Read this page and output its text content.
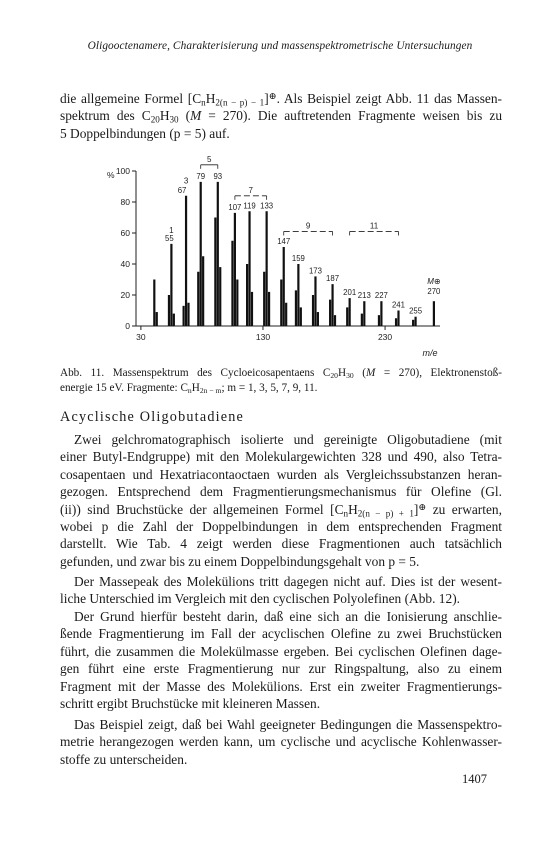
Oligooctenamere, Charakterisierung und massenspektrometrische Untersuchungen
die allgemeine Formel $[C_nH_{2(n - p) - 1}]^\oplus$. Als Beispiel zeigt Abb. 11 das Massen-
spektrum des $C_{20}H_{30}$ (M = 270). Die auftretenden Fragmente weisen bis zu
5 Doppelbindungen (p = 5) auf.
0
20
40
60
80
100
%
30	130	230
m/e
55
67
79 93
107 119 133
147
159
173
187
201 213 227
241
255
270
1
3
5
7
9	11
M⊕
Abb. 11. Massenspektrum des Cycloeicosapentaens $C_{20}H_{30}$ (M = 270), Elektronenstoß-
energie 15 eV. Fragmente: $C_nH_{2n - m}$; m = 1, 3, 5, 7, 9, 11.
Acyclische Oligobutadiene
Zwei gelchromatographisch isolierte und gereinigte Oligobutadiene (mit
einer Butyl-Endgruppe) mit den Molekulargewichten 328 und 490, also Tetra-
cosapentaen und Hexatriacontaoctaen wurden als Vergleichssubstanzen heran-
gezogen. Entsprechend dem Fragmentierungsmechanismus für Olefine (Gl.
(ii)) sind Bruchstücke der allgemeinen Formel $[C_nH_{2(n - p) + 1}]^\oplus$ zu erwarten,
wobei p die Zahl der Doppelbindungen in dem entsprechenden Fragment
darstellt. Wie Tab. 4 zeigt werden diese Fragmentionen auch tatsächlich
gefunden, und zwar bis zu einem Doppelbindungsgehalt von p = 5.
Der Massepeak des Molekülions tritt dagegen nicht auf. Dies ist der wesent-
liche Unterschied im Vergleich mit den cyclischen Polyolefinen (Abb. 12).
Der Grund hierfür besteht darin, daß eine sich an die Ionisierung anschlie-
ßende Fragmentierung im Fall der acyclischen Olefine zu zwei Bruchstücken
führt, die zusammen die Molekülmasse ergeben. Bei cyclischen Olefinen dage-
gen führt eine erste Fragmentierung nur zur Ringspaltung, also zu einem
Fragment mit der Masse des Molekülions. Erst ein zweiter Fragmentierungs-
schritt ergibt Bruchstücke mit kleineren Massen.
Das Beispiel zeigt, daß bei Wahl geeigneter Bedingungen die Massenspektro-
metrie herangezogen werden kann, um cyclische und acyclische Kohlenwasser-
stoffe zu unterscheiden.
1407
